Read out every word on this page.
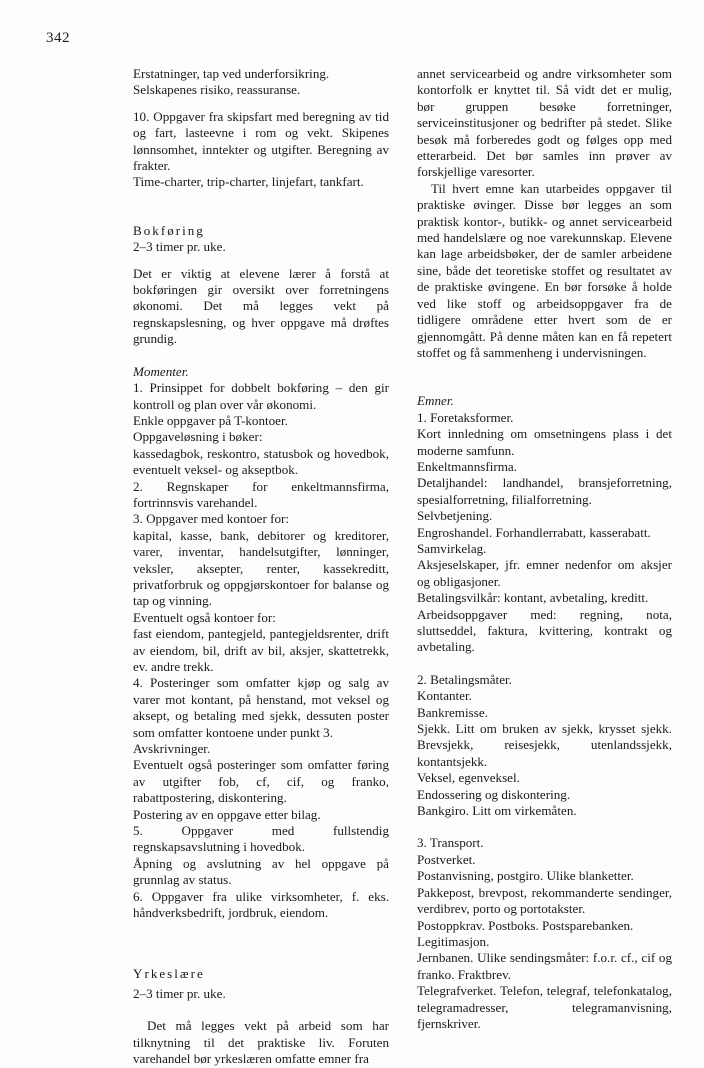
342

Erstatninger, tap ved underforsikring.
Selskapenes risiko, reassuranse.

10. Oppgaver fra skipsfart med beregning av tid og fart, lasteevne i rom og vekt. Skipenes lønnsomhet, inntekter og utgifter. Beregning av frakter.
Time-charter, trip-charter, linjefart, tankfart.

Bokføring

2–3 timer pr. uke.

Det er viktig at elevene lærer å forstå at bokføringen gir oversikt over forretningens økonomi. Det må legges vekt på regnskapslesning, og hver oppgave må drøftes grundig.

Momenter.

1. Prinsippet for dobbelt bokføring – den gir kontroll og plan over vår økonomi.
Enkle oppgaver på T-kontoer.
Oppgaveløsning i bøker:
kassedagbok, reskontro, statusbok og hovedbok, eventuelt veksel- og akseptbok.
2. Regnskaper for enkeltmannsfirma, fortrinnsvis varehandel.
3. Oppgaver med kontoer for:
kapital, kasse, bank, debitorer og kreditorer, varer, inventar, handelsutgifter, lønninger, veksler, aksepter, renter, kassekreditt, privatforbruk og oppgjørskontoer for balanse og tap og vinning.
Eventuelt også kontoer for:
fast eiendom, pantegjeld, pantegjeldsrenter, drift av eiendom, bil, drift av bil, aksjer, skattetrekk, ev. andre trekk.
4. Posteringer som omfatter kjøp og salg av varer mot kontant, på henstand, mot veksel og aksept, og betaling med sjekk, dessuten poster som omfatter kontoene under punkt 3.
Avskrivninger.
Eventuelt også posteringer som omfatter føring av utgifter fob, cf, cif, og franko, rabattpostering, diskontering.
Postering av en oppgave etter bilag.
5. Oppgaver med fullstendig regnskapsavslutning i hovedbok.
Åpning og avslutning av hel oppgave på grunnlag av status.
6. Oppgaver fra ulike virksomheter, f. eks. håndverksbedrift, jordbruk, eiendom.

Yrkeslære

2–3 timer pr. uke.

Det må legges vekt på arbeid som har tilknytning til det praktiske liv. Foruten varehandel bør yrkeslæren omfatte emner fra

annet servicearbeid og andre virksomheter som kontorfolk er knyttet til. Så vidt det er mulig, bør gruppen besøke forretninger, serviceinstitusjoner og bedrifter på stedet. Slike besøk må forberedes godt og følges opp med etterarbeid. Det bør samles inn prøver av forskjellige varesorter.

Til hvert emne kan utarbeides oppgaver til praktiske øvinger. Disse bør legges an som praktisk kontor-, butikk- og annet servicearbeid med handelslære og noe varekunnskap. Elevene kan lage arbeidsbøker, der de samler arbeidene sine, både det teoretiske stoffet og resultatet av de praktiske øvingene. En bør forsøke å holde ved like stoff og arbeidsoppgaver fra de tidligere områdene etter hvert som de er gjennomgått. På denne måten kan en få repetert stoffet og få sammenheng i undervisningen.

Emner.

1. Foretaksformer.
Kort innledning om omsetningens plass i det moderne samfunn.
Enkeltmannsfirma.
Detaljhandel: landhandel, bransjeforretning, spesialforretning, filialforretning.
Selvbetjening.
Engroshandel. Forhandlerrabatt, kasserabatt.
Samvirkelag.
Aksjeselskaper, jfr. emner nedenfor om aksjer og obligasjoner.
Betalingsvilkår: kontant, avbetaling, kreditt.
Arbeidsoppgaver med: regning, nota, sluttseddel, faktura, kvittering, kontrakt og avbetaling.
2. Betalingsmåter.
Kontanter.
Bankremisse.
Sjekk. Litt om bruken av sjekk, krysset sjekk. Brevsjekk, reisesjekk, utenlandssjekk, kontantsjekk.
Veksel, egenveksel.
Endossering og diskontering.
Bankgiro. Litt om virkemåten.
3. Transport.
Postverket.
Postanvisning, postgiro. Ulike blanketter.
Pakkepost, brevpost, rekommanderte sendinger, verdibrev, porto og portotakster.
Postoppkrav. Postboks. Postsparebanken.
Legitimasjon.
Jernbanen. Ulike sendingsmåter: f.o.r. cf., cif og franko. Fraktbrev.
Telegrafverket. Telefon, telegraf, telefonkatalog, telegramadresser, telegramanvisning, fjernskriver.
